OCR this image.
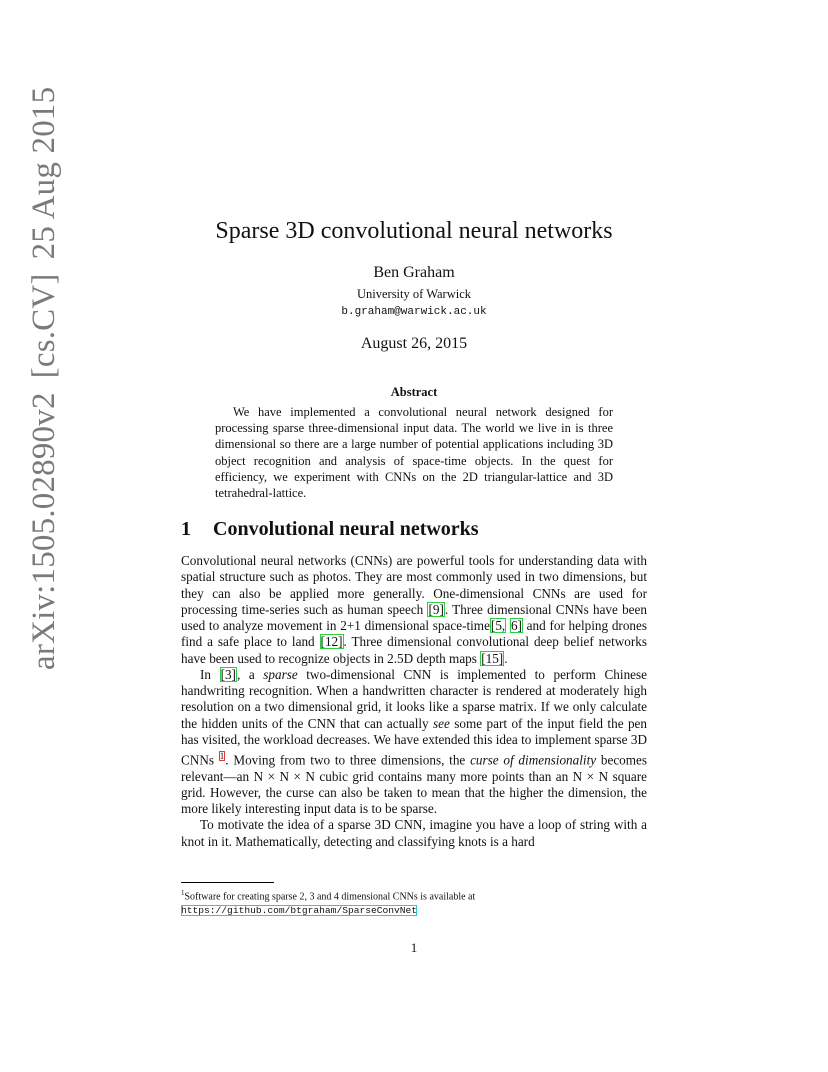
arXiv:1505.02890v2[cs.CV]25 Aug 2015	Sparse 3D convolutional neural networks
Ben Graham
University of Warwick
b.graham@warwick.ac.uk
August 26, 2015
Abstract
We have implemented a convolutional neural network designed for processing sparse three-dimensional input data. The world we live in is three dimensional so there are a large number of potential applications including 3D object recognition and analysis of space-time objects. In the quest for efficiency, we experiment with CNNs on the 2D triangular-lattice and 3D tetrahedral-lattice.
1 Convolutional neural networks

Convolutional neural networks (CNNs) are powerful tools for understanding data with spatial structure such as photos. They are most commonly used in two dimensions, but they can also be applied more generally. One-dimensional CNNs are used for processing time-series such as human speech [9]. Three dimensional CNNs have been used to analyze movement in 2+1 dimensional space-time[5, 6] and for helping drones find a safe place to land [12]. Three dimensional convolutional deep belief networks have been used to recognize objects in 2.5D depth maps [15].

In [3], a sparse two-dimensional CNN is implemented to perform Chinese handwriting recognition. When a handwritten character is rendered at moderately high resolution on a two dimensional grid, it looks like a sparse matrix. If we only calculate the hidden units of the CNN that can actually see some part of the input field the pen has visited, the workload decreases. We have extended this idea to implement sparse 3D CNNs $^1$. Moving from two to three dimensions, the curse of dimensionality becomes relevant—an N × N × N cubic grid contains many more points than an N × N square grid. However, the curse can also be taken to mean that the higher the dimension, the more likely interesting input data is to be sparse.

To motivate the idea of a sparse 3D CNN, imagine you have a loop of string with a knot in it. Mathematically, detecting and classifying knots is a hard

$^1$Software for creating sparse 2, 3 and 4 dimensional CNNs is available at https://github.com/btgraham/SparseConvNet
1
